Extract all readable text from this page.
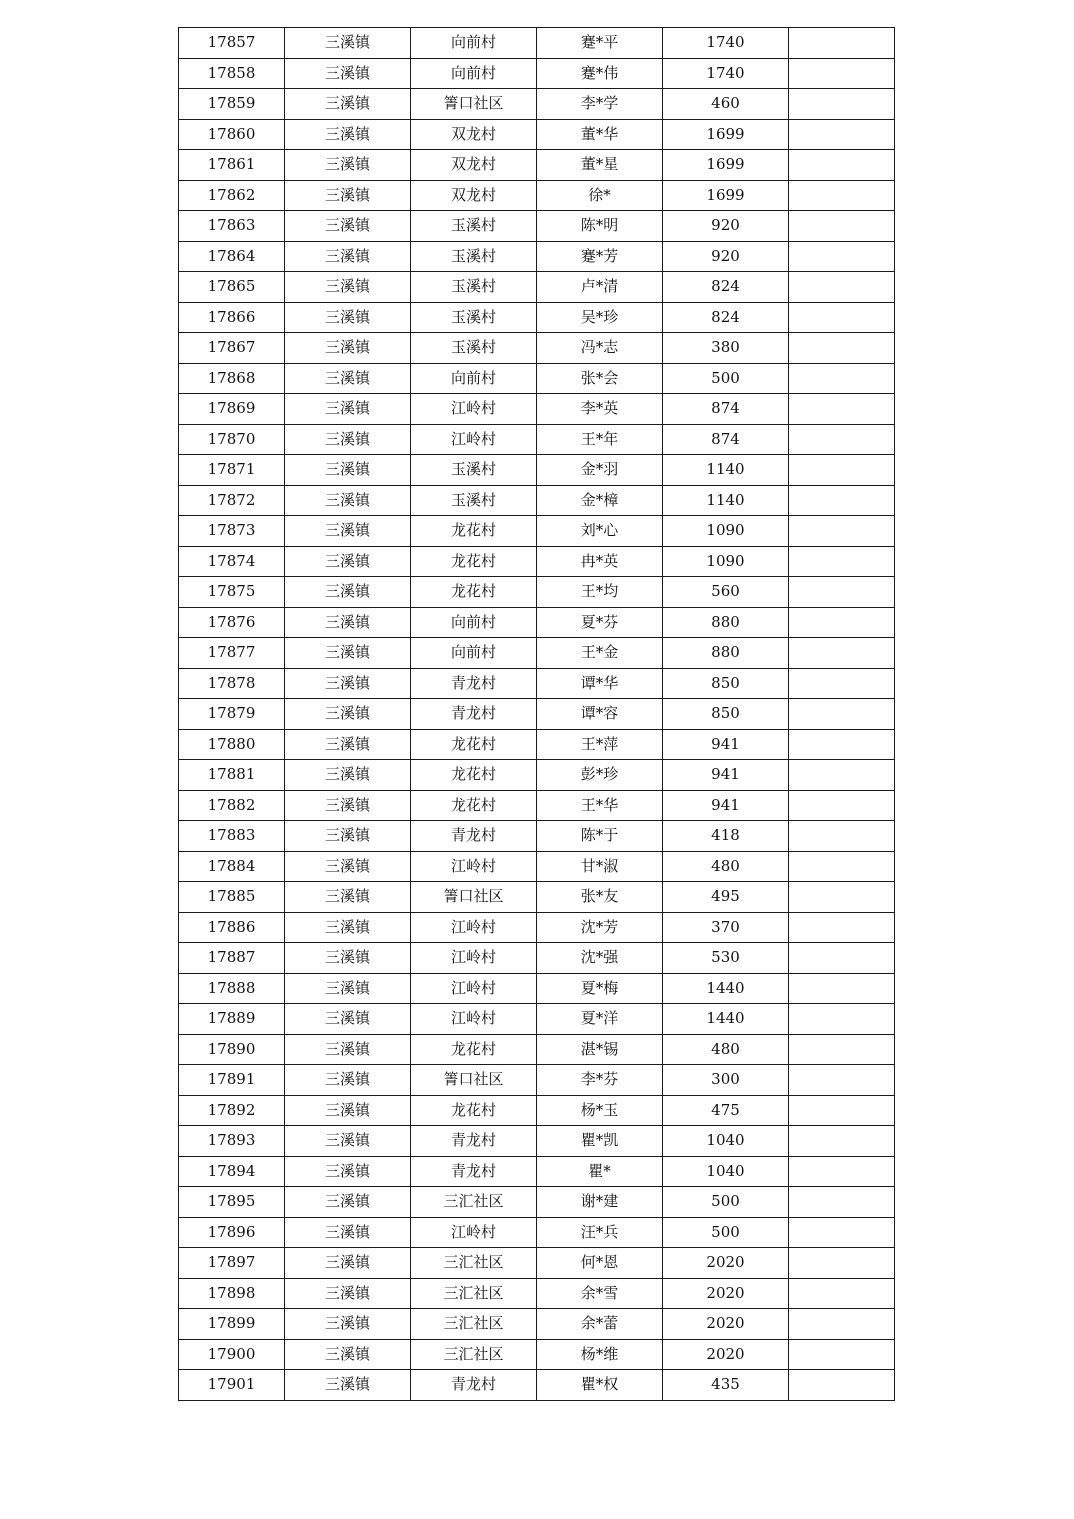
17857	三溪镇	向前村	蹇*平	1740	
17858	三溪镇	向前村	蹇*伟	1740	
17859	三溪镇	箐口社区	李*学	460	
17860	三溪镇	双龙村	董*华	1699	
17861	三溪镇	双龙村	董*星	1699	
17862	三溪镇	双龙村	徐*	1699	
17863	三溪镇	玉溪村	陈*明	920	
17864	三溪镇	玉溪村	蹇*芳	920	
17865	三溪镇	玉溪村	卢*清	824	
17866	三溪镇	玉溪村	吴*珍	824	
17867	三溪镇	玉溪村	冯*志	380	
17868	三溪镇	向前村	张*会	500	
17869	三溪镇	江岭村	李*英	874	
17870	三溪镇	江岭村	王*年	874	
17871	三溪镇	玉溪村	金*羽	1140	
17872	三溪镇	玉溪村	金*樟	1140	
17873	三溪镇	龙花村	刘*心	1090	
17874	三溪镇	龙花村	冉*英	1090	
17875	三溪镇	龙花村	王*均	560	
17876	三溪镇	向前村	夏*芬	880	
17877	三溪镇	向前村	王*金	880	
17878	三溪镇	青龙村	谭*华	850	
17879	三溪镇	青龙村	谭*容	850	
17880	三溪镇	龙花村	王*萍	941	
17881	三溪镇	龙花村	彭*珍	941	
17882	三溪镇	龙花村	王*华	941	
17883	三溪镇	青龙村	陈*于	418	
17884	三溪镇	江岭村	甘*淑	480	
17885	三溪镇	箐口社区	张*友	495	
17886	三溪镇	江岭村	沈*芳	370	
17887	三溪镇	江岭村	沈*强	530	
17888	三溪镇	江岭村	夏*梅	1440	
17889	三溪镇	江岭村	夏*洋	1440	
17890	三溪镇	龙花村	湛*锡	480	
17891	三溪镇	箐口社区	李*芬	300	
17892	三溪镇	龙花村	杨*玉	475	
17893	三溪镇	青龙村	瞿*凯	1040	
17894	三溪镇	青龙村	瞿*	1040	
17895	三溪镇	三汇社区	谢*建	500	
17896	三溪镇	江岭村	汪*兵	500	
17897	三溪镇	三汇社区	何*恩	2020	
17898	三溪镇	三汇社区	余*雪	2020	
17899	三溪镇	三汇社区	余*蕾	2020	
17900	三溪镇	三汇社区	杨*维	2020	
17901	三溪镇	青龙村	瞿*权	435	
